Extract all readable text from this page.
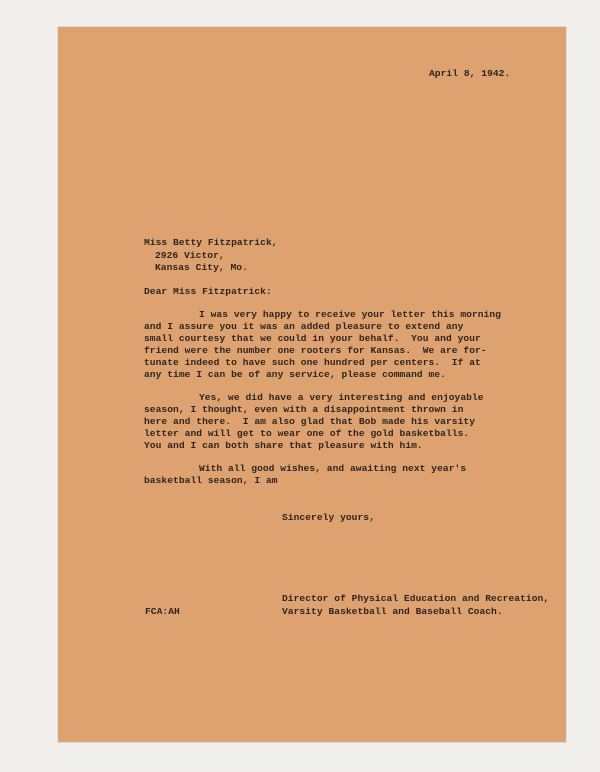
April 8, 1942.
Miss Betty Fitzpatrick,
2926 Victor,
Kansas City, Mo.
Dear Miss Fitzpatrick:
I was very happy to receive your letter this morning
and I assure you it was an added pleasure to extend any
small courtesy that we could in your behalf.  You and your
friend were the number one rooters for Kansas.  We are for-
tunate indeed to have such one hundred per centers.  If at
any time I can be of any service, please command me.
Yes, we did have a very interesting and enjoyable
season, I thought, even with a disappointment thrown in
here and there.  I am also glad that Bob made his varsity
letter and will get to wear one of the gold basketballs.
You and I can both share that pleasure with him.
With all good wishes, and awaiting next year's
basketball season, I am
Sincerely yours,
Director of Physical Education and Recreation,
Varsity Basketball and Baseball Coach.
FCA:AH
